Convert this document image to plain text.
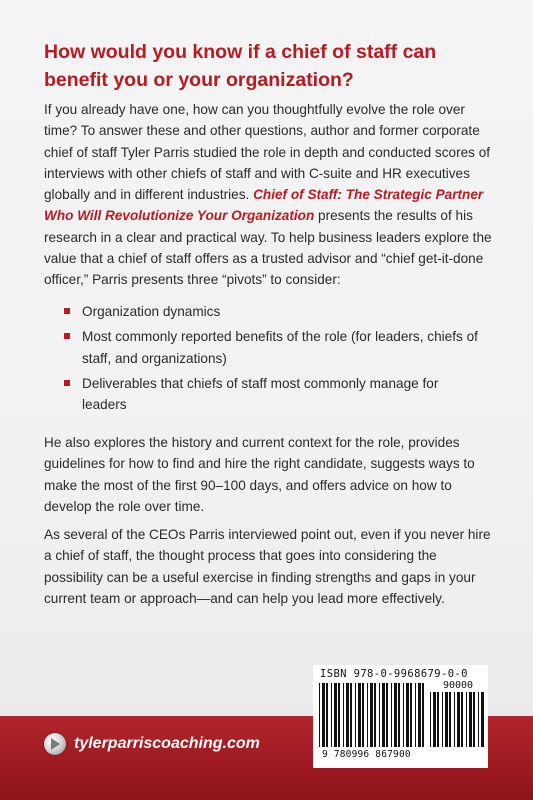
How would you know if a chief of staff can benefit you or your organization?

If you already have one, how can you thoughtfully evolve the role over time? To answer these and other questions, author and former corporate chief of staff Tyler Parris studied the role in depth and conducted scores of interviews with other chiefs of staff and with C-suite and HR executives globally and in different industries. Chief of Staff: The Strategic Partner Who Will Revolutionize Your Organization presents the results of his research in a clear and practical way. To help business leaders explore the value that a chief of staff offers as a trusted advisor and “chief get-it-done officer,” Parris presents three “pivots” to consider:

Organization dynamics
Most commonly reported benefits of the role (for leaders, chiefs of staff, and organizations)
Deliverables that chiefs of staff most commonly manage for leaders

He also explores the history and current context for the role, provides guidelines for how to find and hire the right candidate, suggests ways to make the most of the first 90–100 days, and offers advice on how to develop the role over time.

As several of the CEOs Parris interviewed point out, even if you never hire a chief of staff, the thought process that goes into considering the possibility can be a useful exercise in finding strengths and gaps in your current team or approach—and can help you lead more effectively.

tylerparriscoaching.com
ISBN 978-0-9968679-0-0
90000
9 780996 867900
